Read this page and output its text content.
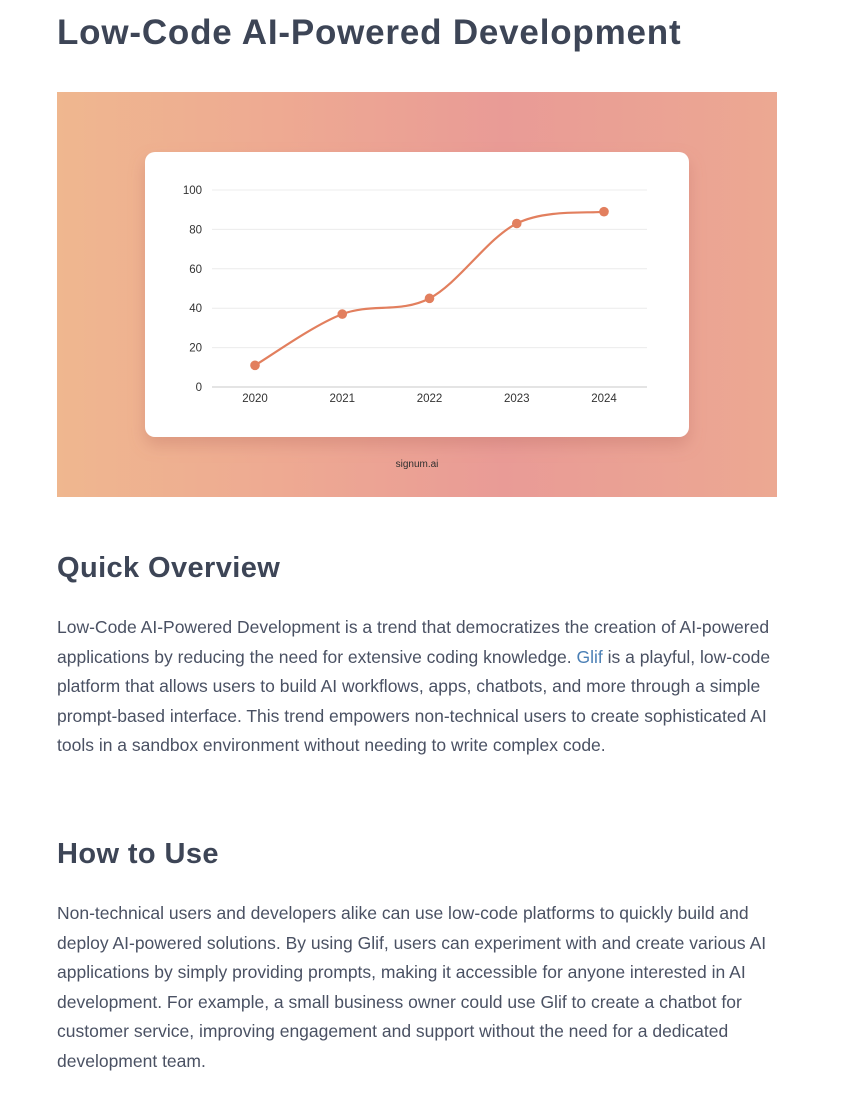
Low-Code AI-Powered Development
0
20
40
60
80
100
2020	2021	2022	2023	2024
signum.ai
Quick Overview

Low-Code AI-Powered Development is a trend that democratizes the creation of AI-powered applications by reducing the need for extensive coding knowledge. Glif is a playful, low-code platform that allows users to build AI workflows, apps, chatbots, and more through a simple prompt-based interface. This trend empowers non-technical users to create sophisticated AI tools in a sandbox environment without needing to write complex code.

How to Use

Non-technical users and developers alike can use low-code platforms to quickly build and deploy AI-powered solutions. By using Glif, users can experiment with and create various AI applications by simply providing prompts, making it accessible for anyone interested in AI development. For example, a small business owner could use Glif to create a chatbot for customer service, improving engagement and support without the need for a dedicated development team.
